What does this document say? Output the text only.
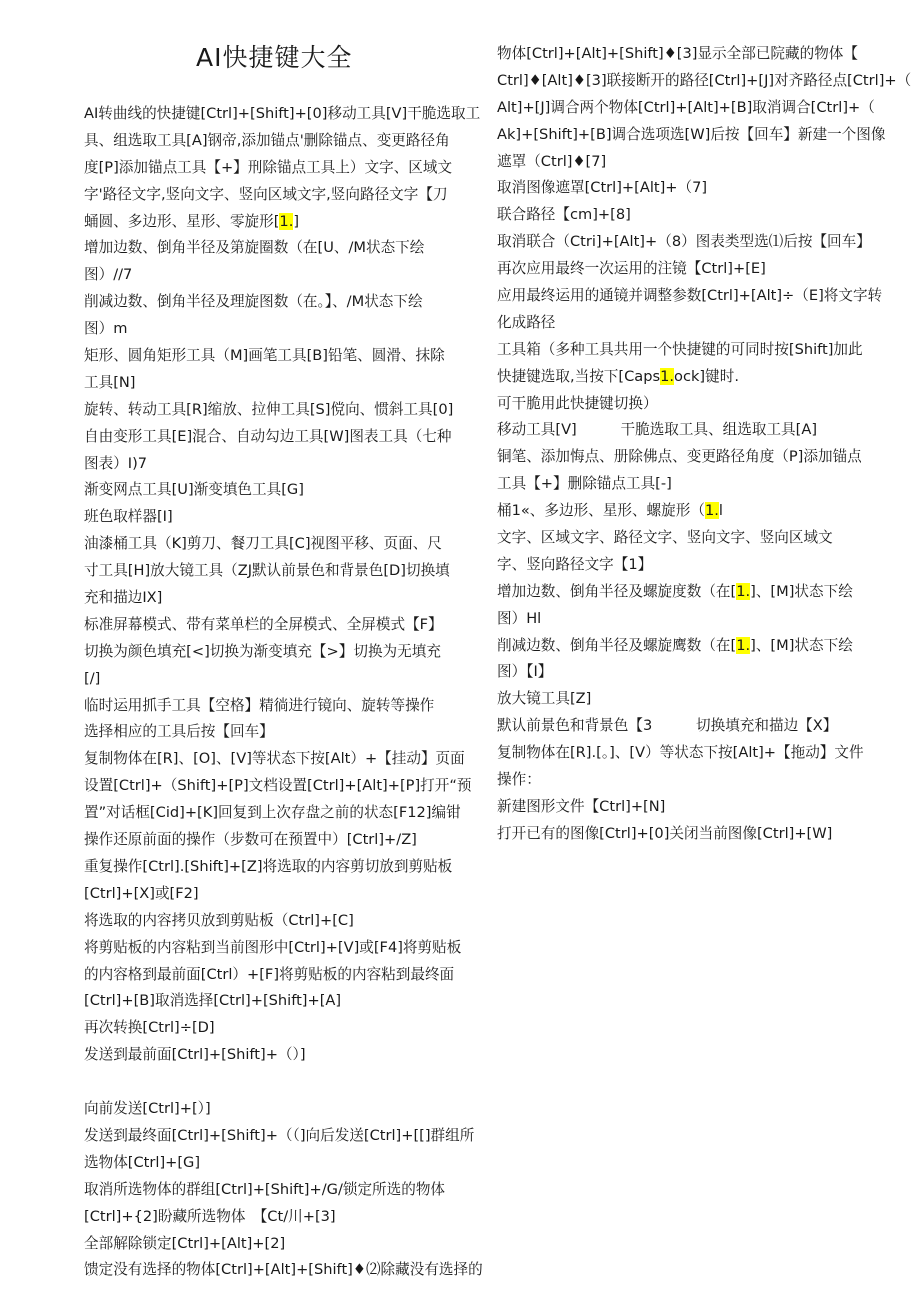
AI快捷键大全
AI转曲线的快捷键[Ctrl]+[Shift]+[0]移动工具[V]干脆选取工
具、组选取工具[A]钢帝,添加锚点'删除锚点、变更路径角
度[P]添加锚点工具【+】刑除锚点工具上）文字、区域文
字'路径文字,竖向文字、竖向区域文字,竖向路径文字【刀
蛹圆、多边形、星形、零旋形[1.]
增加边数、倒角半径及第旋圈数（在[U、/M状态下绘
图）//7
削减边数、倒角半径及理旋图数（在。】、/M状态下绘
图）m
矩形、圆角矩形工具（M]画笔工具[B]铅笔、圆滑、抹除
工具[N]
旋转、转动工具[R]缩放、拉伸工具[S]傥向、惯斜工具[0]
自由变形工具[E]混合、自动勾边工具[W]图表工具（七种
图表）I)7
渐变网点工具[U]渐变填色工具[G]
班色取样器[I]
油漆桶工具（K]剪刀、餐刀工具[C]视图平移、页面、尺
寸工具[H]放大镜工具（ZJ默认前景色和背景色[D]切换填
充和描边IX]
标准屏幕模式、带有菜单栏的全屏模式、全屏模式【F】
切换为颜色填充[<]切换为渐变填充【>】切换为无填充
[/]
临时运用抓手工具【空格】精徜进行镜向、旋转等操作
选择相应的工具后按【回车】
复制物体在[R]、[O]、[V]等状态下按[Alt）+【挂动】页面
设置[Ctrl]+（Shift]+[P]文档设置[Ctrl]+[Alt]+[P]打开“预
置”对话框[Cid]+[K]回复到上次存盘之前的状态[F12]编钳
操作还原前面的操作（步数可在预置中）[Ctrl]+/Z]
重复操作[Ctrl].[Shift]+[Z]将选取的内容剪切放到剪贴板
[Ctrl]+[X]或[F2]
将选取的内容拷贝放到剪贴板（Ctrl]+[C]
将剪贴板的内容粘到当前图形中[Ctrl]+[V]或[F4]将剪贴板
的内容格到最前面[Ctrl）+[F]将剪贴板的内容粘到最终面
[Ctrl]+[B]取消选择[Ctrl]+[Shift]+[A]
再次转换[Ctrl]÷[D]
发送到最前面[Ctrl]+[Shift]+（）]
向前发送[Ctrl]+[）]
发送到最终面[Ctrl]+[Shift]+（（]向后发送[Ctrl]+[[]群组所
选物体[Ctrl]+[G]
取消所选物体的群组[Ctrl]+[Shift]+/G/锁定所选的物体
[Ctrl]+{2]盼藏所选物体　【Ct/川+[3]
全部解除锁定[Ctrl]+[Alt]+[2]
馈定没有选择的物体[Ctrl]+[Alt]+[Shift]♦⑵除藏没有选择的
物体[Ctrl]+[Alt]+[Shift]♦[3]显示全部已院藏的物体【
Ctrl]♦[Alt]♦[3]联接断开的路径[Ctrl]+[J]对齐路径点[Ctrl]+（
Alt]+[J]调合两个物体[Ctrl]+[Alt]+[B]取消调合[Ctrl]+（
Ak]+[Shift]+[B]调合选项选[W]后按【回车】新建一个图像
遮罩（Ctrl]♦[7]
取消图像遮罩[Ctrl]+[Alt]+（7]
联合路径【cm]+[8]
取消联合（Ctri]+[Alt]+（8）图表类型选⑴后按【回车】
再次应用最终一次运用的注镜【Ctrl]+[E]
应用最终运用的通镜并调整参数[Ctrl]+[Alt]÷（E]将文字转
化成路径
工具箱（多种工具共用一个快捷键的可同时按[Shift]加此
快捷键选取,当按下[Caps1.ock]键时.
可干脆用此快捷键切换）
移动工具[V]　　　干脆选取工具、组选取工具[A]
铜笔、添加悔点、册除佛点、变更路径角度（P]添加锚点
工具【+】删除锚点工具[-]
桶1«、多边形、星形、螺旋形（1.l
文字、区域文字、路径文字、竖向文字、竖向区域文
字、竖向路径文字【1】
增加边数、倒角半径及螺旋度数（在[1.]、[M]状态下绘
图）Hl
削减边数、倒角半径及螺旋鹰数（在[1.]、[M]状态下绘
图）【I】
放大镜工具[Z]
默认前景色和背景色【3　　　切换填充和描边【X】
复制物体在[R].[。]、[V）等状态下按[Alt]+【拖动】文件
操作：
新建图形文件【Ctrl]+[N]
打开已有的图像[Ctrl]+[0]关闭当前图像[Ctrl]+[W]
